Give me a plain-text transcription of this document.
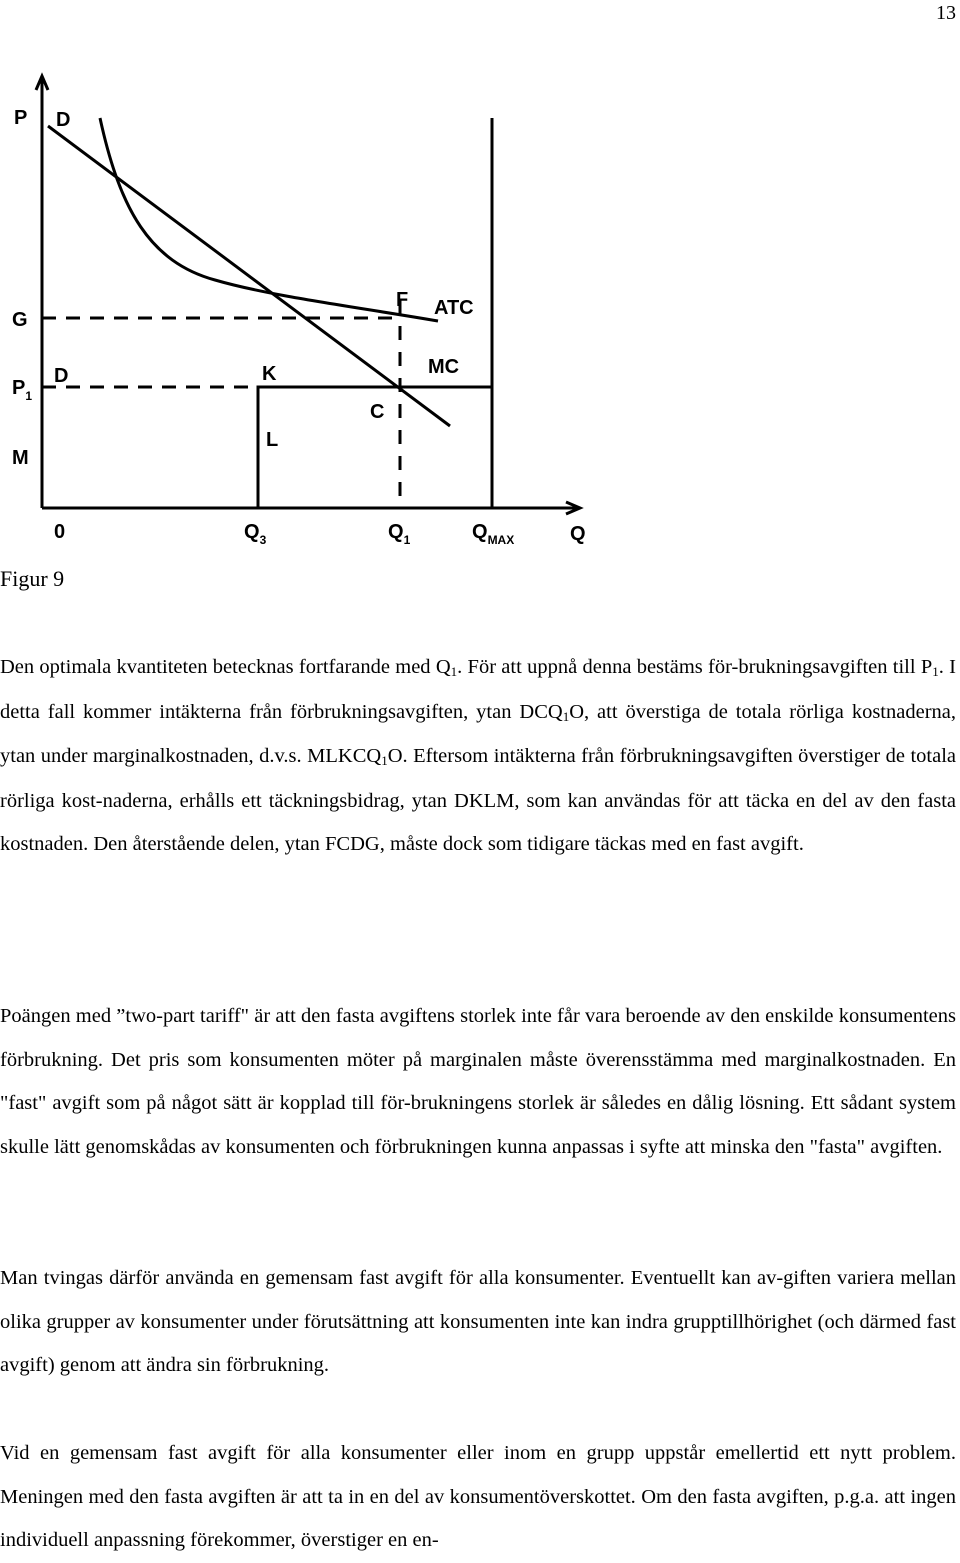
13
P D
G
$P_1$
D
M
K
L
C
F ATC
MC
0	$Q_3$	$Q_1$	$Q_{MAX}$	Q
Figur 9

Den optimala kvantiteten betecknas fortfarande med $Q_1$. För att uppnå denna bestäms för-brukningsavgiften till $P_1$. I detta fall kommer intäkterna från förbrukningsavgiften, ytan $DCQ_1O$, att överstiga de totala rörliga kostnaderna, ytan under marginalkostnaden, d.v.s. $MLKCQ_1O$. Eftersom intäkterna från förbrukningsavgiften överstiger de totala rörliga kost-naderna, erhålls ett täckningsbidrag, ytan DKLM, som kan användas för att täcka en del av den fasta kostnaden. Den återstående delen, ytan FCDG, måste dock som tidigare täckas med en fast avgift.

Poängen med ”two-part tariff" är att den fasta avgiftens storlek inte får vara beroende av den enskilde konsumentens förbrukning. Det pris som konsumenten möter på marginalen måste överensstämma med marginalkostnaden. En "fast" avgift som på något sätt är kopplad till för-brukningens storlek är således en dålig lösning. Ett sådant system skulle lätt genomskådas av konsumenten och förbrukningen kunna anpassas i syfte att minska den "fasta" avgiften.

Man tvingas därför använda en gemensam fast avgift för alla konsumenter. Eventuellt kan av-giften variera mellan olika grupper av konsumenter under förutsättning att konsumenten inte kan indra grupptillhörighet (och därmed fast avgift) genom att ändra sin förbrukning.

Vid en gemensam fast avgift för alla konsumenter eller inom en grupp uppstår emellertid ett nytt problem. Meningen med den fasta avgiften är att ta in en del av konsumentöverskottet. Om den fasta avgiften, p.g.a. att ingen individuell anpassning förekommer, överstiger en en-
